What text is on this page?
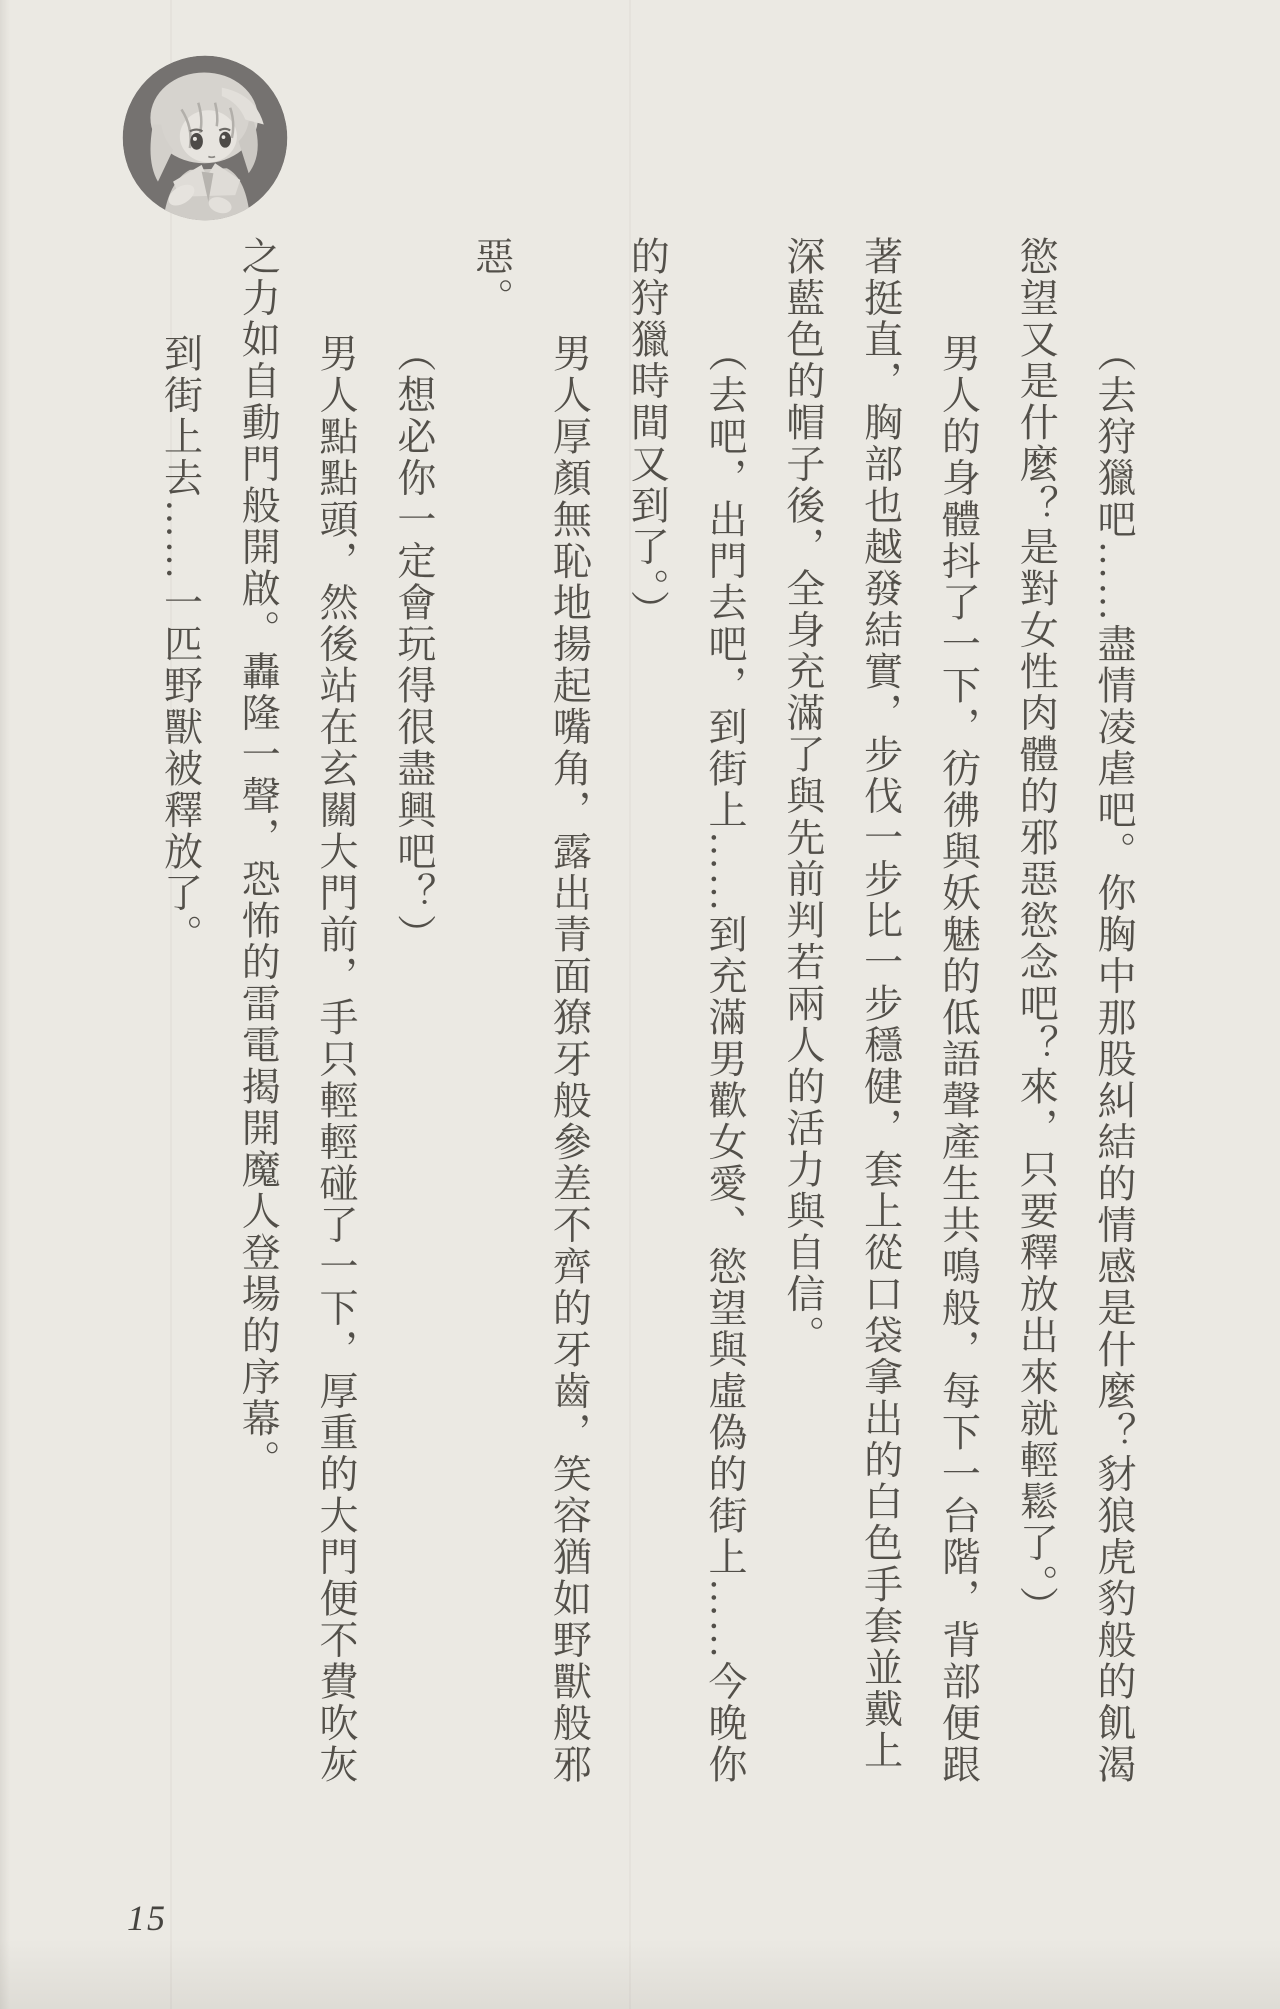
（去狩獵吧……盡情凌虐吧。你胸中那股糾結的情感是什麼？豺狼虎豹般的飢渴
慾望又是什麼？是對女性肉體的邪惡慾念吧？來，只要釋放出來就輕鬆了。）
男人的身體抖了一下，彷彿與妖魅的低語聲產生共鳴般，每下一台階，背部便跟
著挺直，胸部也越發結實，步伐一步比一步穩健，套上從口袋拿出的白色手套並戴上
深藍色的帽子後，全身充滿了與先前判若兩人的活力與自信。
（去吧，出門去吧，到街上……到充滿男歡女愛、慾望與虛偽的街上……今晚你
的狩獵時間又到了。）
男人厚顏無恥地揚起嘴角，露出青面獠牙般參差不齊的牙齒，笑容猶如野獸般邪
惡。
（想必你一定會玩得很盡興吧？）
男人點點頭，然後站在玄關大門前，手只輕輕碰了一下，厚重的大門便不費吹灰
之力如自動門般開啟。轟隆一聲，恐怖的雷電揭開魔人登場的序幕。
到街上去……一匹野獸被釋放了。
15
